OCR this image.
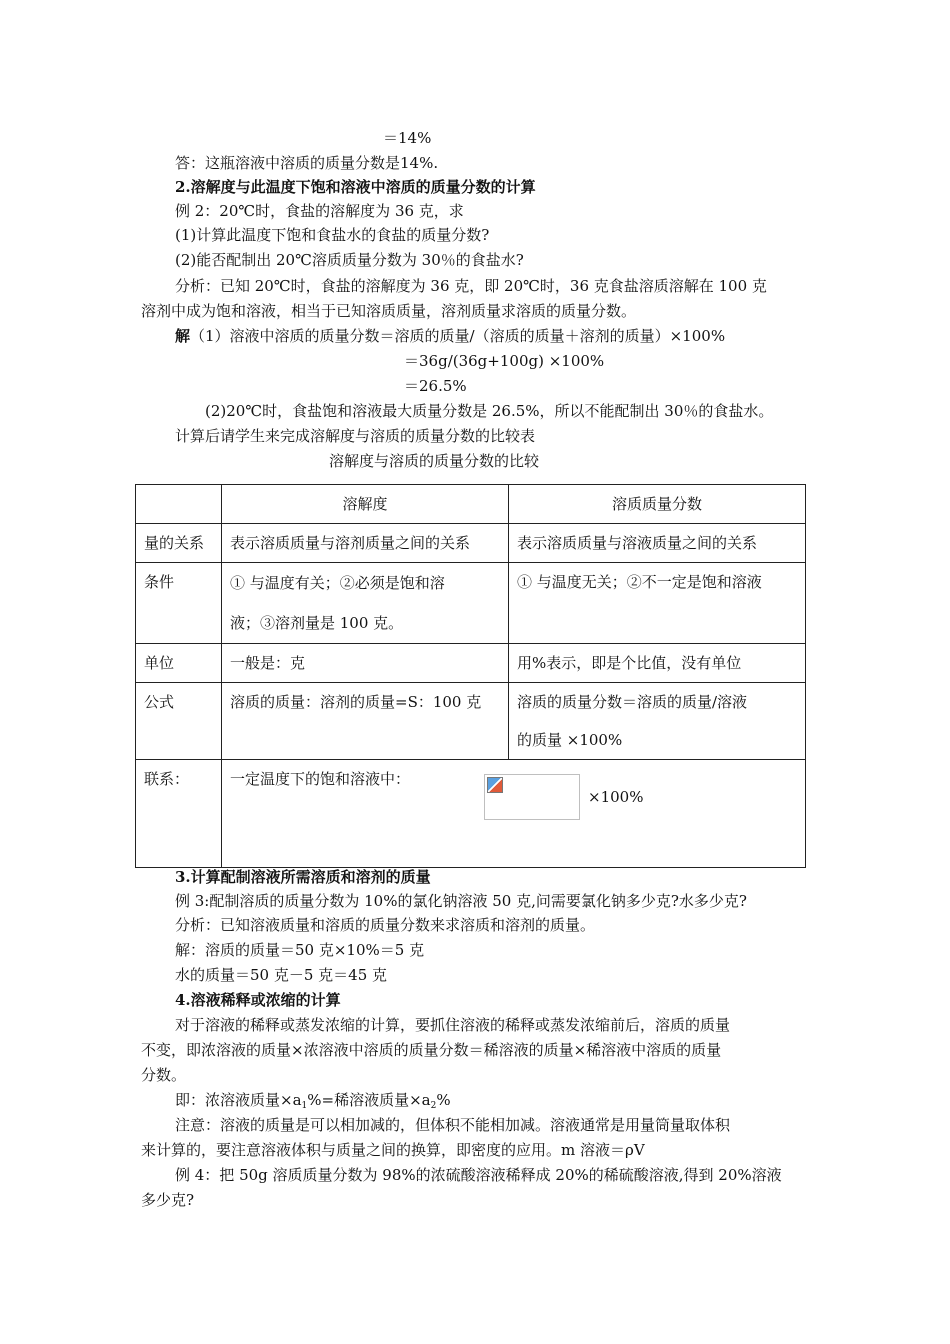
＝14%
答：这瓶溶液中溶质的质量分数是14%.
2.溶解度与此温度下饱和溶液中溶质的质量分数的计算
例 2：20℃时，食盐的溶解度为 36 克，求
(1)计算此温度下饱和食盐水的食盐的质量分数?
(2)能否配制出 20℃溶质质量分数为 30％的食盐水?
分析：已知 20℃时，食盐的溶解度为 36 克，即 20℃时，36 克食盐溶质溶解在 100 克
溶剂中成为饱和溶液，相当于已知溶质质量，溶剂质量求溶质的质量分数。
解（1）溶液中溶质的质量分数＝溶质的质量/（溶质的质量＋溶剂的质量）×100%
＝36g/(36g+100g) ×100%
＝26.5%
(2)20℃时，食盐饱和溶液最大质量分数是 26.5%，所以不能配制出 30％的食盐水。
计算后请学生来完成溶解度与溶质的质量分数的比较表
溶解度与溶质的质量分数的比较
	溶解度	溶质质量分数
量的关系	表示溶质质量与溶剂质量之间的关系	表示溶质质量与溶液质量之间的关系
条件	① 与温度有关；②必须是饱和溶
液；③溶剂量是 100 克。	① 与温度无关；②不一定是饱和溶液
单位	一般是：克	用%表示，即是个比值，没有单位
公式	溶质的质量：溶剂的质量=S：100 克	溶质的质量分数＝溶质的质量/溶液
的质量 ×100%

联系：	一定温度下的饱和溶液中：
×100%	
3.计算配制溶液所需溶质和溶剂的质量
例 3:配制溶质的质量分数为 10%的氯化钠溶液 50 克,问需要氯化钠多少克?水多少克?
分析：已知溶液质量和溶质的质量分数来求溶质和溶剂的质量。
解：溶质的质量＝50 克×10%＝5 克
水的质量＝50 克－5 克＝45 克
4.溶液稀释或浓缩的计算
对于溶液的稀释或蒸发浓缩的计算，要抓住溶液的稀释或蒸发浓缩前后，溶质的质量
不变，即浓溶液的质量×浓溶液中溶质的质量分数＝稀溶液的质量×稀溶液中溶质的质量
分数。
即：浓溶液质量$\times a_1\%=$稀溶液质量$\times a_2\%$
注意：溶液的质量是可以相加减的，但体积不能相加减。溶液通常是用量筒量取体积
来计算的，要注意溶液体积与质量之间的换算，即密度的应用。m 溶液＝ρV
例 4：把 50g 溶质质量分数为 98%的浓硫酸溶液稀释成 20%的稀硫酸溶液,得到 20%溶液
多少克?
